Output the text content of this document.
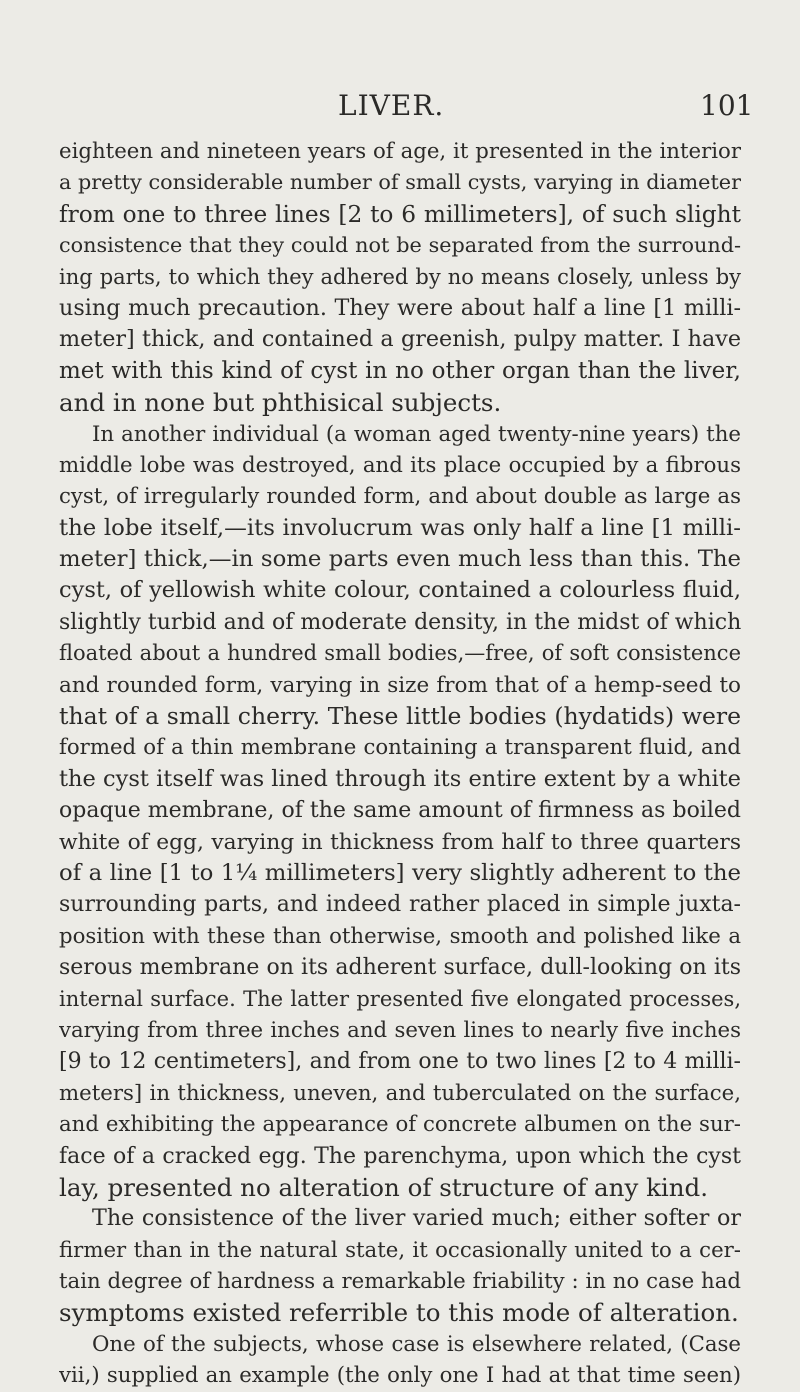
LIVER.	101
eighteen and nineteen years of age, it presented in the interior
a pretty considerable number of small cysts, varying in diameter
from one to three lines [2 to 6 millimeters], of such slight
consistence that they could not be separated from the surround-
ing parts, to which they adhered by no means closely, unless by
using much precaution. They were about half a line [1 milli-
meter] thick, and contained a greenish, pulpy matter. I have
met with this kind of cyst in no other organ than the liver,
and in none but phthisical subjects.
In another individual (a woman aged twenty-nine years) the
middle lobe was destroyed, and its place occupied by a fibrous
cyst, of irregularly rounded form, and about double as large as
the lobe itself,—its involucrum was only half a line [1 milli-
meter] thick,—in some parts even much less than this. The
cyst, of yellowish white colour, contained a colourless fluid,
slightly turbid and of moderate density, in the midst of which
floated about a hundred small bodies,—free, of soft consistence
and rounded form, varying in size from that of a hemp-seed to
that of a small cherry. These little bodies (hydatids) were
formed of a thin membrane containing a transparent fluid, and
the cyst itself was lined through its entire extent by a white
opaque membrane, of the same amount of firmness as boiled
white of egg, varying in thickness from half to three quarters
of a line [1 to 1¼ millimeters] very slightly adherent to the
surrounding parts, and indeed rather placed in simple juxta-
position with these than otherwise, smooth and polished like a
serous membrane on its adherent surface, dull-looking on its
internal surface. The latter presented five elongated processes,
varying from three inches and seven lines to nearly five inches
[9 to 12 centimeters], and from one to two lines [2 to 4 milli-
meters] in thickness, uneven, and tuberculated on the surface,
and exhibiting the appearance of concrete albumen on the sur-
face of a cracked egg. The parenchyma, upon which the cyst
lay, presented no alteration of structure of any kind.
The consistence of the liver varied much; either softer or
firmer than in the natural state, it occasionally united to a cer-
tain degree of hardness a remarkable friability : in no case had
symptoms existed referrible to this mode of alteration.
One of the subjects, whose case is elsewhere related, (Case
vii,) supplied an example (the only one I had at that time seen)
